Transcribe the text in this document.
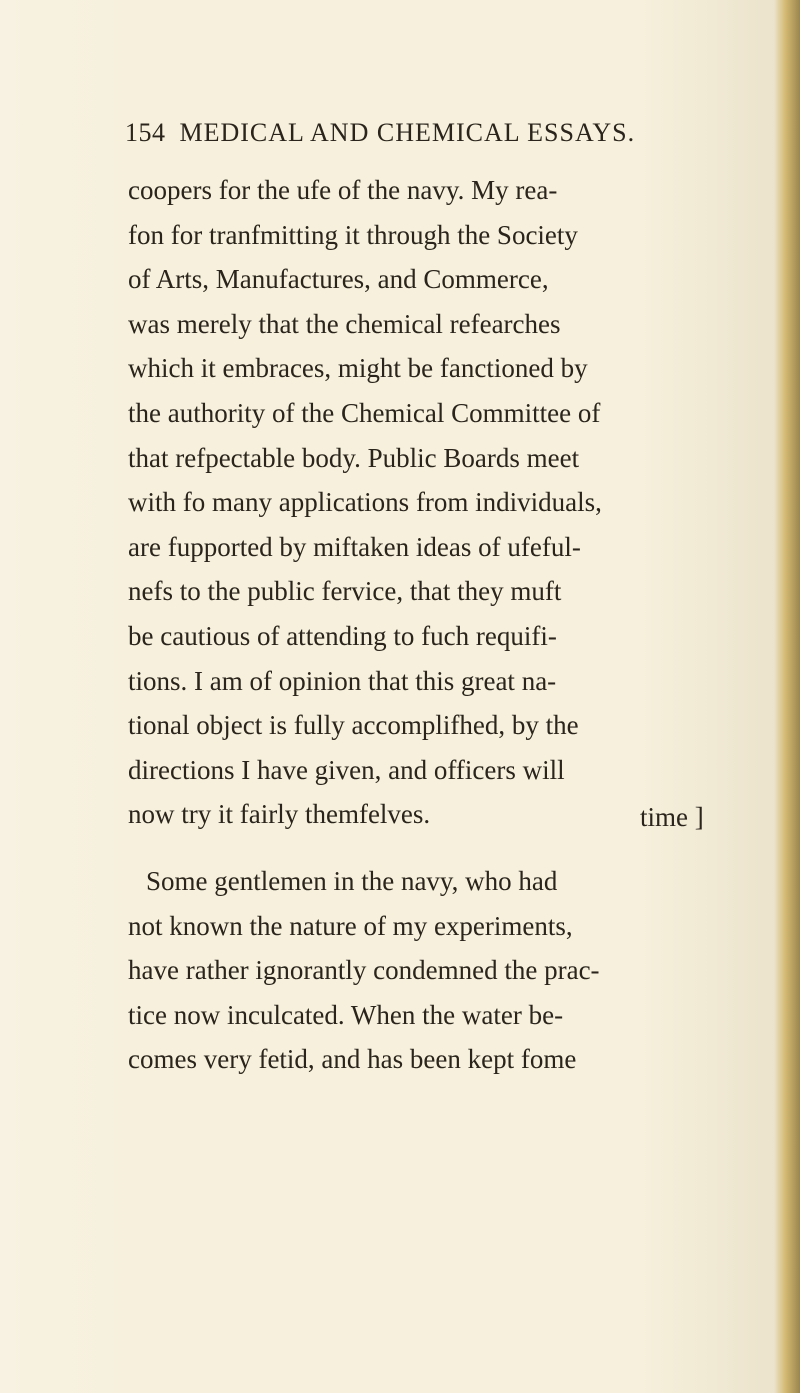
154 MEDICAL AND CHEMICAL ESSAYS.
coopers for the ufe of the navy. My rea-
fon for tranfmitting it through the Society
of Arts, Manufactures, and Commerce,
was merely that the chemical refearches
which it embraces, might be fanctioned by
the authority of the Chemical Committee of
that refpectable body. Public Boards meet
with fo many applications from individuals,
are fupported by miftaken ideas of ufeful-
nefs to the public fervice, that they muft
be cautious of attending to fuch requifi-
tions. I am of opinion that this great na-
tional object is fully accomplifhed, by the
directions I have given, and officers will
now try it fairly themfelves.
Some gentlemen in the navy, who had
not known the nature of my experiments,
have rather ignorantly condemned the prac-
tice now inculcated. When the water be-
comes very fetid, and has been kept fome
time ]
